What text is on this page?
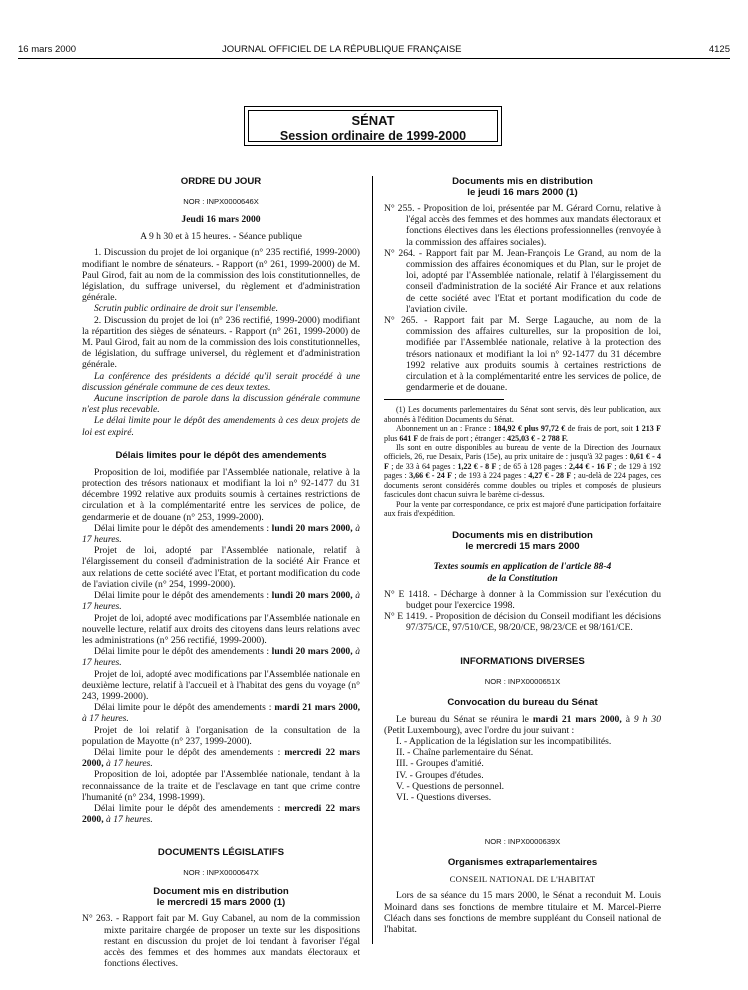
16 mars 2000	JOURNAL OFFICIEL DE LA RÉPUBLIQUE FRANÇAISE	4125
SÉNAT
Session ordinaire de 1999-2000

ORDRE DU JOUR

NOR : INPX0000646X

Jeudi 16 mars 2000

A 9 h 30 et à 15 heures. - Séance publique

1. Discussion du projet de loi organique (n° 235 rectifié, 1999-2000) modifiant le nombre de sénateurs. - Rapport (n° 261, 1999-2000) de M. Paul Girod, fait au nom de la commission des lois constitutionnelles, de législation, du suffrage universel, du règlement et d'administration générale.

Scrutin public ordinaire de droit sur l'ensemble.

2. Discussion du projet de loi (n° 236 rectifié, 1999-2000) modifiant la répartition des sièges de sénateurs. - Rapport (n° 261, 1999-2000) de M. Paul Girod, fait au nom de la commission des lois constitutionnelles, de législation, du suffrage universel, du règlement et d'administration générale.

La conférence des présidents a décidé qu'il serait procédé à une discussion générale commune de ces deux textes.

Aucune inscription de parole dans la discussion générale commune n'est plus recevable.

Le délai limite pour le dépôt des amendements à ces deux projets de loi est expiré.

Délais limites pour le dépôt des amendements

Proposition de loi, modifiée par l'Assemblée nationale, relative à la protection des trésors nationaux et modifiant la loi n° 92-1477 du 31 décembre 1992 relative aux produits soumis à certaines restrictions de circulation et à la complémentarité entre les services de police, de gendarmerie et de douane (n° 253, 1999-2000).

Délai limite pour le dépôt des amendements : lundi 20 mars 2000, à 17 heures.

Projet de loi, adopté par l'Assemblée nationale, relatif à l'élargissement du conseil d'administration de la société Air France et aux relations de cette société avec l'Etat, et portant modification du code de l'aviation civile (n° 254, 1999-2000).

Délai limite pour le dépôt des amendements : lundi 20 mars 2000, à 17 heures.

Projet de loi, adopté avec modifications par l'Assemblée nationale en nouvelle lecture, relatif aux droits des citoyens dans leurs relations avec les administrations (n° 256 rectifié, 1999-2000).

Délai limite pour le dépôt des amendements : lundi 20 mars 2000, à 17 heures.

Projet de loi, adopté avec modifications par l'Assemblée nationale en deuxième lecture, relatif à l'accueil et à l'habitat des gens du voyage (n° 243, 1999-2000).

Délai limite pour le dépôt des amendements : mardi 21 mars 2000, à 17 heures.

Projet de loi relatif à l'organisation de la consultation de la population de Mayotte (n° 237, 1999-2000).

Délai limite pour le dépôt des amendements : mercredi 22 mars 2000, à 17 heures.

Proposition de loi, adoptée par l'Assemblée nationale, tendant à la reconnaissance de la traite et de l'esclavage en tant que crime contre l'humanité (n° 234, 1998-1999).

Délai limite pour le dépôt des amendements : mercredi 22 mars 2000, à 17 heures.

DOCUMENTS LÉGISLATIFS

NOR : INPX0000647X

Document mis en distribution

le mercredi 15 mars 2000 (1)

N° 263. - Rapport fait par M. Guy Cabanel, au nom de la commission mixte paritaire chargée de proposer un texte sur les dispositions restant en discussion du projet de loi tendant à favoriser l'égal accès des femmes et des hommes aux mandats électoraux et fonctions électives.

Documents mis en distribution

le jeudi 16 mars 2000 (1)

N° 255. - Proposition de loi, présentée par M. Gérard Cornu, relative à l'égal accès des femmes et des hommes aux mandats électoraux et fonctions électives dans les élections professionnelles (renvoyée à la commission des affaires sociales).

N° 264. - Rapport fait par M. Jean-François Le Grand, au nom de la commission des affaires économiques et du Plan, sur le projet de loi, adopté par l'Assemblée nationale, relatif à l'élargissement du conseil d'administration de la société Air France et aux relations de cette société avec l'Etat et portant modification du code de l'aviation civile.

N° 265. - Rapport fait par M. Serge Lagauche, au nom de la commission des affaires culturelles, sur la proposition de loi, modifiée par l'Assemblée nationale, relative à la protection des trésors nationaux et modifiant la loi n° 92-1477 du 31 décembre 1992 relative aux produits soumis à certaines restrictions de circulation et à la complémentarité entre les services de police, de gendarmerie et de douane.

(1) Les documents parlementaires du Sénat sont servis, dès leur publication, aux abonnés à l'édition Documents du Sénat.

Abonnement un an : France : 184,92 € plus 97,72 € de frais de port, soit 1 213 F plus 641 F de frais de port ; étranger : 425,03 € - 2 788 F.

Ils sont en outre disponibles au bureau de vente de la Direction des Journaux officiels, 26, rue Desaix, Paris (15e), au prix unitaire de : jusqu'à 32 pages : 0,61 € - 4 F ; de 33 à 64 pages : 1,22 € - 8 F ; de 65 à 128 pages : 2,44 € - 16 F ; de 129 à 192 pages : 3,66 € - 24 F ; de 193 à 224 pages : 4,27 € - 28 F ; au-delà de 224 pages, ces documents seront considérés comme doubles ou triples et composés de plusieurs fascicules dont chacun suivra le barème ci-dessus.

Pour la vente par correspondance, ce prix est majoré d'une participation forfaitaire aux frais d'expédition.

Documents mis en distribution

le mercredi 15 mars 2000

Textes soumis en application de l'article 88-4

de la Constitution

N° E 1418. - Décharge à donner à la Commission sur l'exécution du budget pour l'exercice 1998.

N° E 1419. - Proposition de décision du Conseil modifiant les décisions 97/375/CE, 97/510/CE, 98/20/CE, 98/23/CE et 98/161/CE.

INFORMATIONS DIVERSES

NOR : INPX0000651X

Convocation du bureau du Sénat

Le bureau du Sénat se réunira le mardi 21 mars 2000, à 9 h 30 (Petit Luxembourg), avec l'ordre du jour suivant :

I. - Application de la législation sur les incompatibilités.

II. - Chaîne parlementaire du Sénat.

III. - Groupes d'amitié.

IV. - Groupes d'études.

V. - Questions de personnel.

VI. - Questions diverses.

NOR : INPX0000639X

Organismes extraparlementaires

CONSEIL NATIONAL DE L'HABITAT

Lors de sa séance du 15 mars 2000, le Sénat a reconduit M. Louis Moinard dans ses fonctions de membre titulaire et M. Marcel-Pierre Cléach dans ses fonctions de membre suppléant du Conseil national de l'habitat.
